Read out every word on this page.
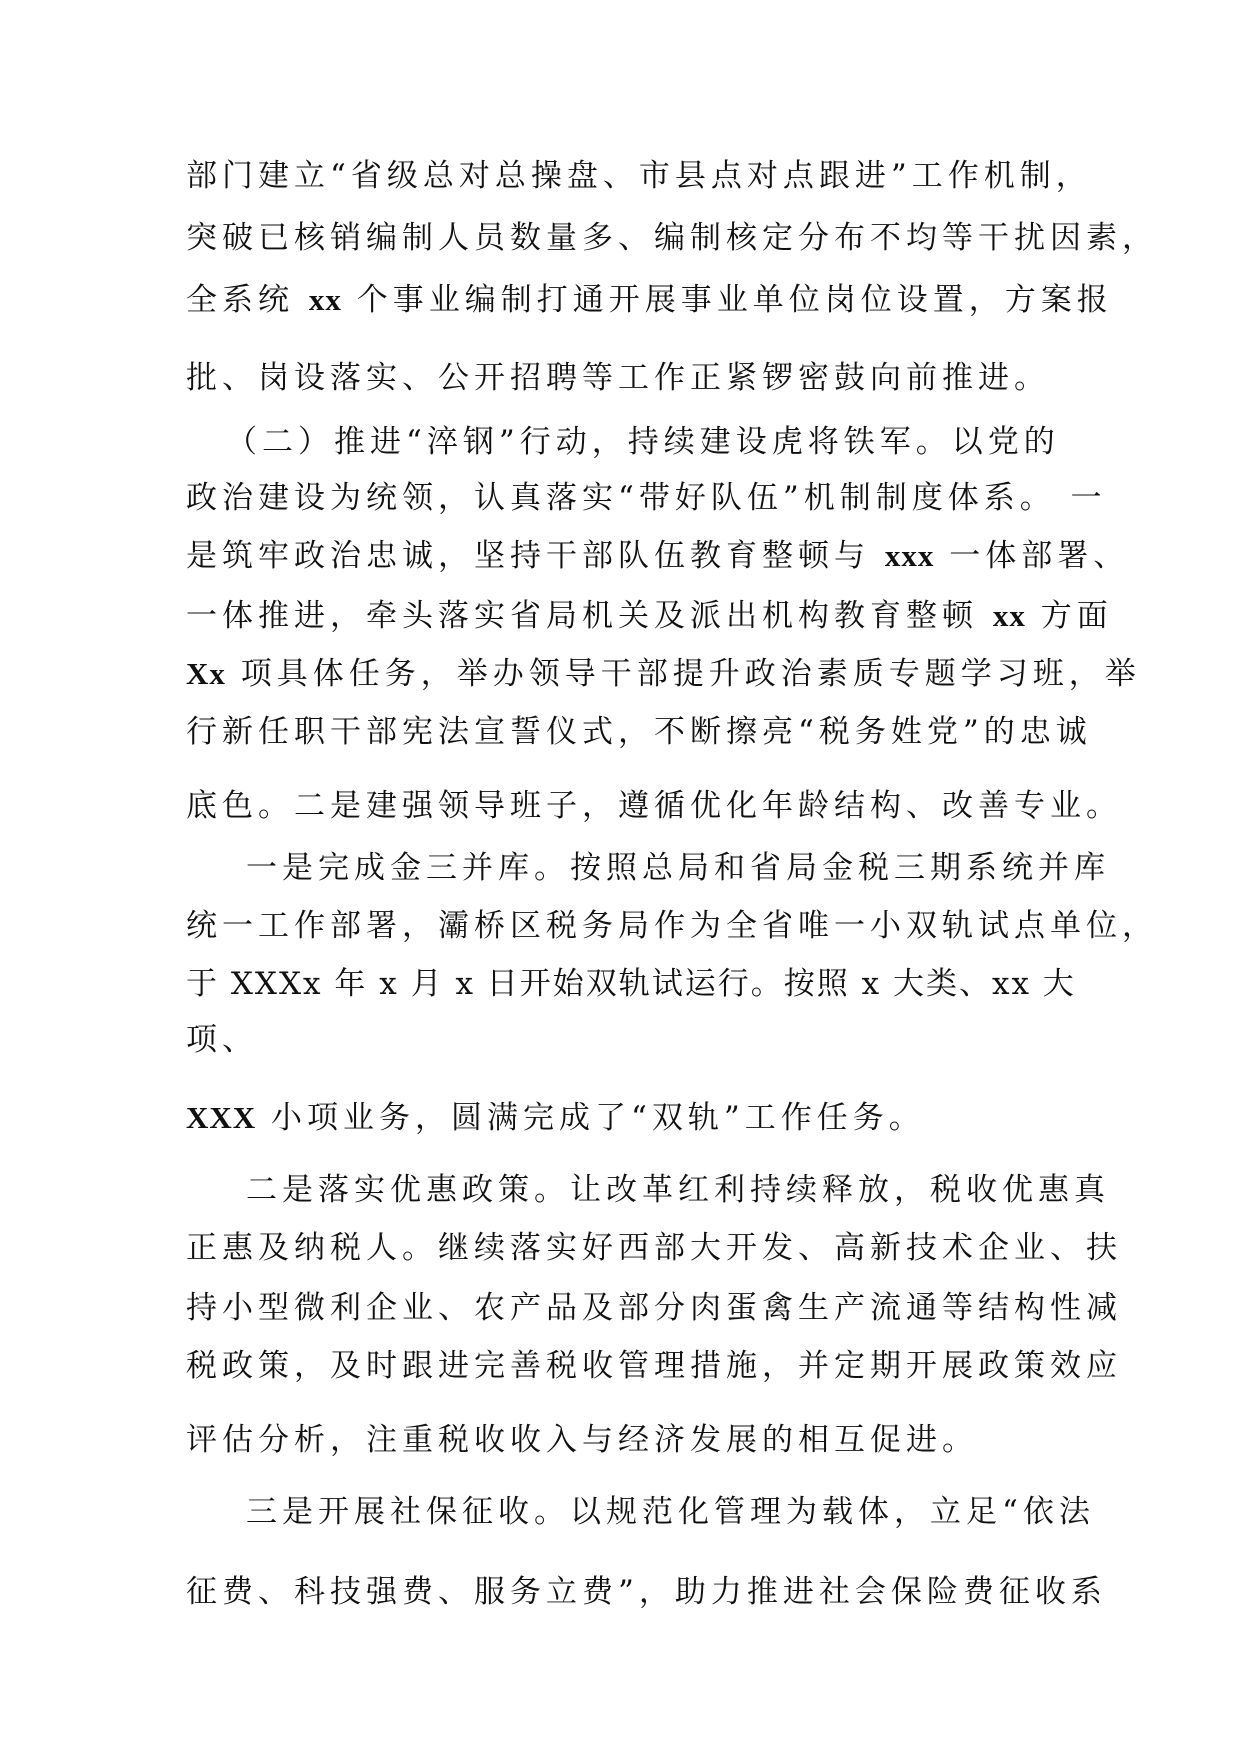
部门建立“省级总对总操盘、市县点对点跟进”工作机制，
突破已核销编制人员数量多、编制核定分布不均等干扰因素，
全系统 xx 个事业编制打通开展事业单位岗位设置，方案报
批、岗设落实、公开招聘等工作正紧锣密鼓向前推进。
（二）推进“淬钢”行动，持续建设虎将铁军。以党的
政治建设为统领，认真落实“带好队伍”机制制度体系。 一
是筑牢政治忠诚，坚持干部队伍教育整顿与 xxx 一体部署、
一体推进，牵头落实省局机关及派出机构教育整顿 xx 方面
Xx 项具体任务，举办领导干部提升政治素质专题学习班，举
行新任职干部宪法宣誓仪式，不断擦亮“税务姓党”的忠诚
底色。二是建强领导班子，遵循优化年龄结构、改善专业。
一是完成金三并库。按照总局和省局金税三期系统并库
统一工作部署，灞桥区税务局作为全省唯一小双轨试点单位，
于 XXXx 年 x 月 x 日开始双轨试运行。按照 x 大类、xx 大
项、
XXX 小项业务，圆满完成了“双轨”工作任务。
二是落实优惠政策。让改革红利持续释放，税收优惠真
正惠及纳税人。继续落实好西部大开发、高新技术企业、扶
持小型微利企业、农产品及部分肉蛋禽生产流通等结构性减
税政策，及时跟进完善税收管理措施，并定期开展政策效应
评估分析，注重税收收入与经济发展的相互促进。
三是开展社保征收。以规范化管理为载体，立足“依法
征费、科技强费、服务立费”，助力推进社会保险费征收系
